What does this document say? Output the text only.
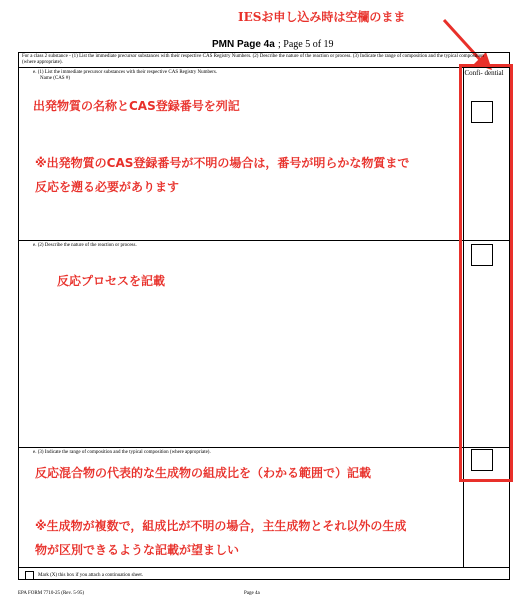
IESお申し込み時は空欄のまま
PMN Page 4a ; Page 5 of 19
For a class 2 substance - (1) List the immediate precursor substances with their respective CAS Registry Numbers. (2) Describe the nature of the reaction or process. (3) Indicate the range of composition and the typical composition (where appropriate).
Confi- dential
e. (1) List the immediate precursor substances with their respective CAS Registry Numbers.
Name (CAS #)
出発物質の名称とCAS登録番号を列記
※出発物質のCAS登録番号が不明の場合は，番号が明らかな物質まで
反応を遡る必要があります
e. (2) Describe the nature of the reaction or process.
反応プロセスを記載
e. (3) Indicate the range of composition and the typical composition (where appropriate).
反応混合物の代表的な生成物の組成比を（わかる範囲で）記載
※生成物が複数で，組成比が不明の場合，主生成物とそれ以外の生成
物が区別できるような記載が望ましい
Mark (X) this box if you attach a continuation sheet.
EPA FORM 7710-25 (Rev. 5-95)	Page 4a
